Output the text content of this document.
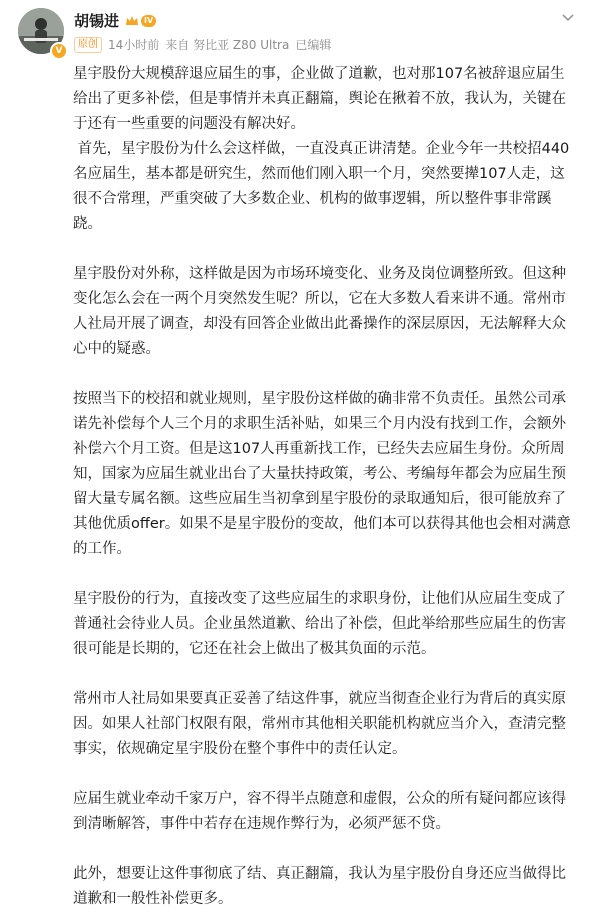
V
胡锡进	IV
原创 14小时前 来自 努比亚 Z80 Ultra 已编辑

星宇股份大规模辞退应届生的事，企业做了道歉，也对那107名被辞退应届生给出了更多补偿，但是事情并未真正翻篇，舆论在揪着不放，我认为，关键在于还有一些重要的问题没有解决好。

首先，星宇股份为什么会这样做，一直没真正讲清楚。企业今年一共校招440名应届生，基本都是研究生，然而他们刚入职一个月，突然要撵107人走，这很不合常理，严重突破了大多数企业、机构的做事逻辑，所以整件事非常蹊跷。

星宇股份对外称，这样做是因为市场环境变化、业务及岗位调整所致。但这种变化怎么会在一两个月突然发生呢？所以，它在大多数人看来讲不通。常州市人社局开展了调查，却没有回答企业做出此番操作的深层原因，无法解释大众心中的疑惑。

按照当下的校招和就业规则，星宇股份这样做的确非常不负责任。虽然公司承诺先补偿每个人三个月的求职生活补贴，如果三个月内没有找到工作，会额外补偿六个月工资。但是这107人再重新找工作，已经失去应届生身份。众所周知，国家为应届生就业出台了大量扶持政策，考公、考编每年都会为应届生预留大量专属名额。这些应届生当初拿到星宇股份的录取通知后，很可能放弃了其他优质offer。如果不是星宇股份的变故，他们本可以获得其他也会相对满意的工作。

星宇股份的行为，直接改变了这些应届生的求职身份，让他们从应届生变成了普通社会待业人员。企业虽然道歉、给出了补偿，但此举给那些应届生的伤害很可能是长期的，它还在社会上做出了极其负面的示范。

常州市人社局如果要真正妥善了结这件事，就应当彻查企业行为背后的真实原因。如果人社部门权限有限，常州市其他相关职能机构就应当介入，查清完整事实，依规确定星宇股份在整个事件中的责任认定。

应届生就业牵动千家万户，容不得半点随意和虚假，公众的所有疑问都应该得到清晰解答，事件中若存在违规作弊行为，必须严惩不贷。

此外，想要让这件事彻底了结、真正翻篇，我认为星宇股份自身还应当做得比道歉和一般性补偿更多。
